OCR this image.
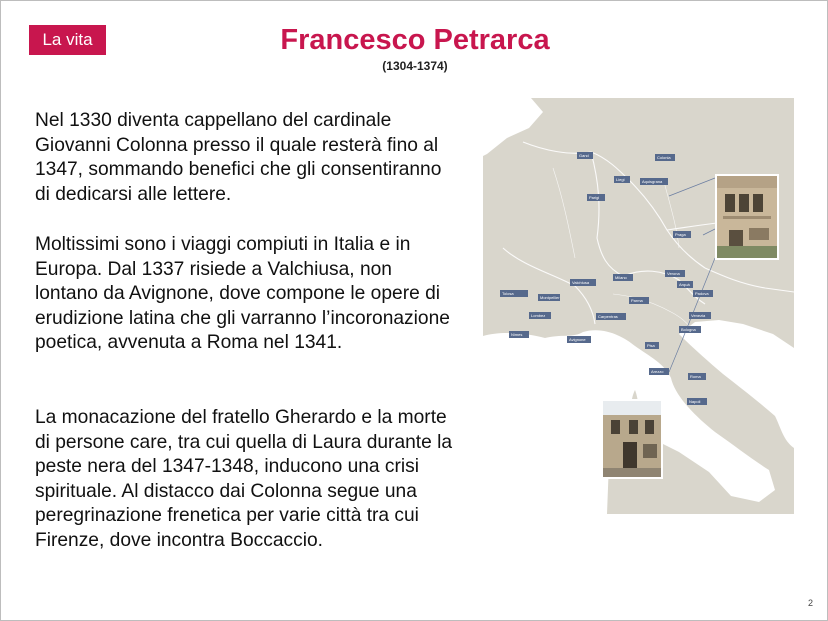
La vita	Francesco Petrarca
(1304-1374)

Nel 1330 diventa cappellano del cardinale Giovanni Colonna presso il quale resterà fino al 1347, sommando benefici che gli consentiranno di dedicarsi alle lettere.

Moltissimi sono i viaggi compiuti in Italia e in Europa. Dal 1337 risiede a Valchiusa, non lontano da Avignone, dove compone le opere di erudizione latina che gli varranno l’incoronazione poetica, avvenuta a Roma nel 1341.

La monacazione del fratello Gherardo e la morte di persone care, tra cui quella di Laura durante la peste nera del 1347-1348, inducono una crisi spirituale. Al distacco dai Colonna segue una peregrinazione frenetica per varie città tra cui Firenze, dove incontra Boccaccio.

Gand	Colonia
Liegi	Aquisgrana
Parigi
Praga
Tolosa
Montpellier
Lombez
Nimes
Valchiusa
Avignone
Carpentras
Milano
Parma
Verona
Arquà
Padova
Venezia
Bologna
Pisa
Arezzo
Roma
Napoli
2
